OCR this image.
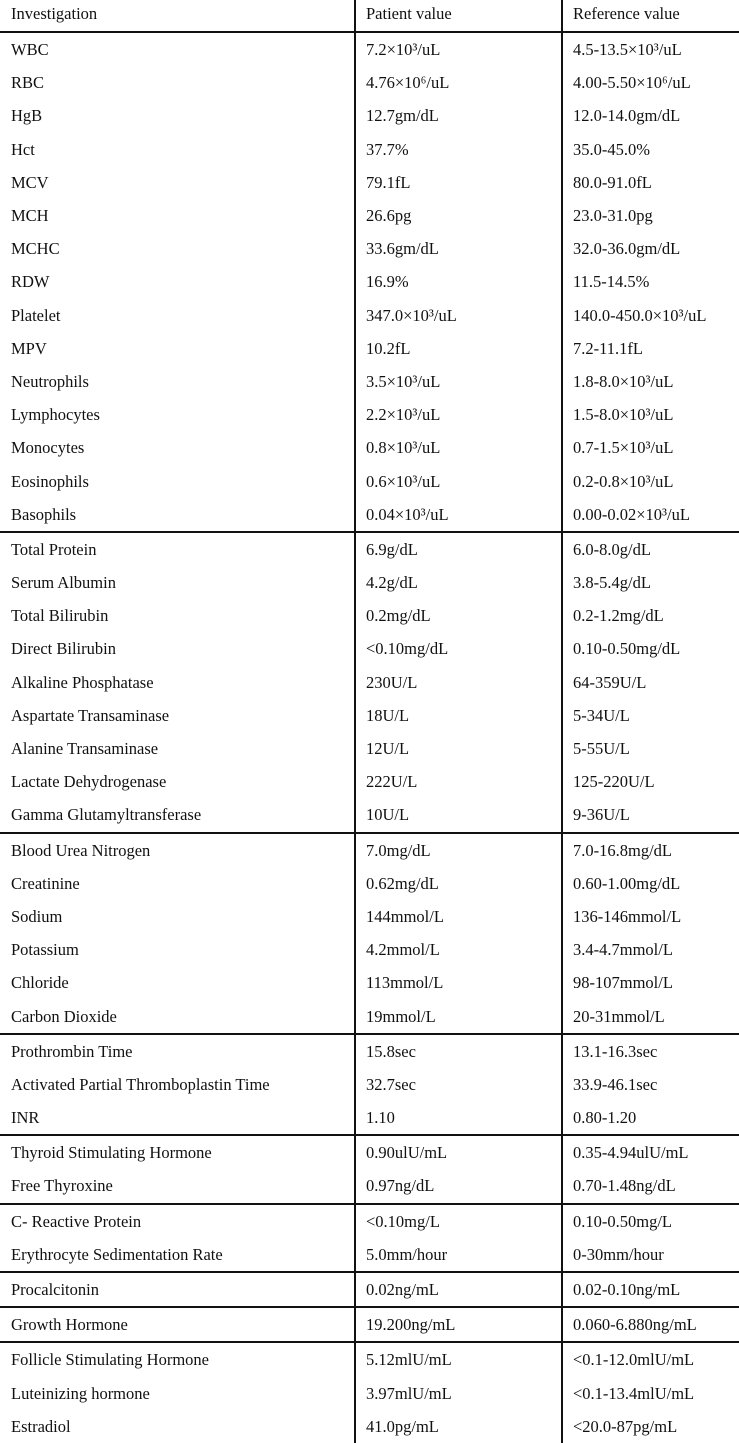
Investigation	Patient value	Reference value
WBC	7.2×10³/uL	4.5-13.5×10³/uL
RBC	4.76×10⁶/uL	4.00-5.50×10⁶/uL
HgB	12.7gm/dL	12.0-14.0gm/dL
Hct	37.7%	35.0-45.0%
MCV	79.1fL	80.0-91.0fL
MCH	26.6pg	23.0-31.0pg
MCHC	33.6gm/dL	32.0-36.0gm/dL
RDW	16.9%	11.5-14.5%
Platelet	347.0×10³/uL	140.0-450.0×10³/uL
MPV	10.2fL	7.2-11.1fL
Neutrophils	3.5×10³/uL	1.8-8.0×10³/uL
Lymphocytes	2.2×10³/uL	1.5-8.0×10³/uL
Monocytes	0.8×10³/uL	0.7-1.5×10³/uL
Eosinophils	0.6×10³/uL	0.2-0.8×10³/uL
Basophils	0.04×10³/uL	0.00-0.02×10³/uL
Total Protein	6.9g/dL	6.0-8.0g/dL
Serum Albumin	4.2g/dL	3.8-5.4g/dL
Total Bilirubin	0.2mg/dL	0.2-1.2mg/dL
Direct Bilirubin	<0.10mg/dL	0.10-0.50mg/dL
Alkaline Phosphatase	230U/L	64-359U/L
Aspartate Transaminase	18U/L	5-34U/L
Alanine Transaminase	12U/L	5-55U/L
Lactate Dehydrogenase	222U/L	125-220U/L
Gamma Glutamyltransferase	10U/L	9-36U/L
Blood Urea Nitrogen	7.0mg/dL	7.0-16.8mg/dL
Creatinine	0.62mg/dL	0.60-1.00mg/dL
Sodium	144mmol/L	136-146mmol/L
Potassium	4.2mmol/L	3.4-4.7mmol/L
Chloride	113mmol/L	98-107mmol/L
Carbon Dioxide	19mmol/L	20-31mmol/L
Prothrombin Time	15.8sec	13.1-16.3sec
Activated Partial Thromboplastin Time	32.7sec	33.9-46.1sec
INR	1.10	0.80-1.20
Thyroid Stimulating Hormone	0.90ulU/mL	0.35-4.94ulU/mL
Free Thyroxine	0.97ng/dL	0.70-1.48ng/dL
C- Reactive Protein	<0.10mg/L	0.10-0.50mg/L
Erythrocyte Sedimentation Rate	5.0mm/hour	0-30mm/hour
Procalcitonin	0.02ng/mL	0.02-0.10ng/mL
Growth Hormone	19.200ng/mL	0.060-6.880ng/mL
Follicle Stimulating Hormone	5.12mlU/mL	<0.1-12.0mlU/mL
Luteinizing hormone	3.97mlU/mL	<0.1-13.4mlU/mL
Estradiol	41.0pg/mL	<20.0-87pg/mL
